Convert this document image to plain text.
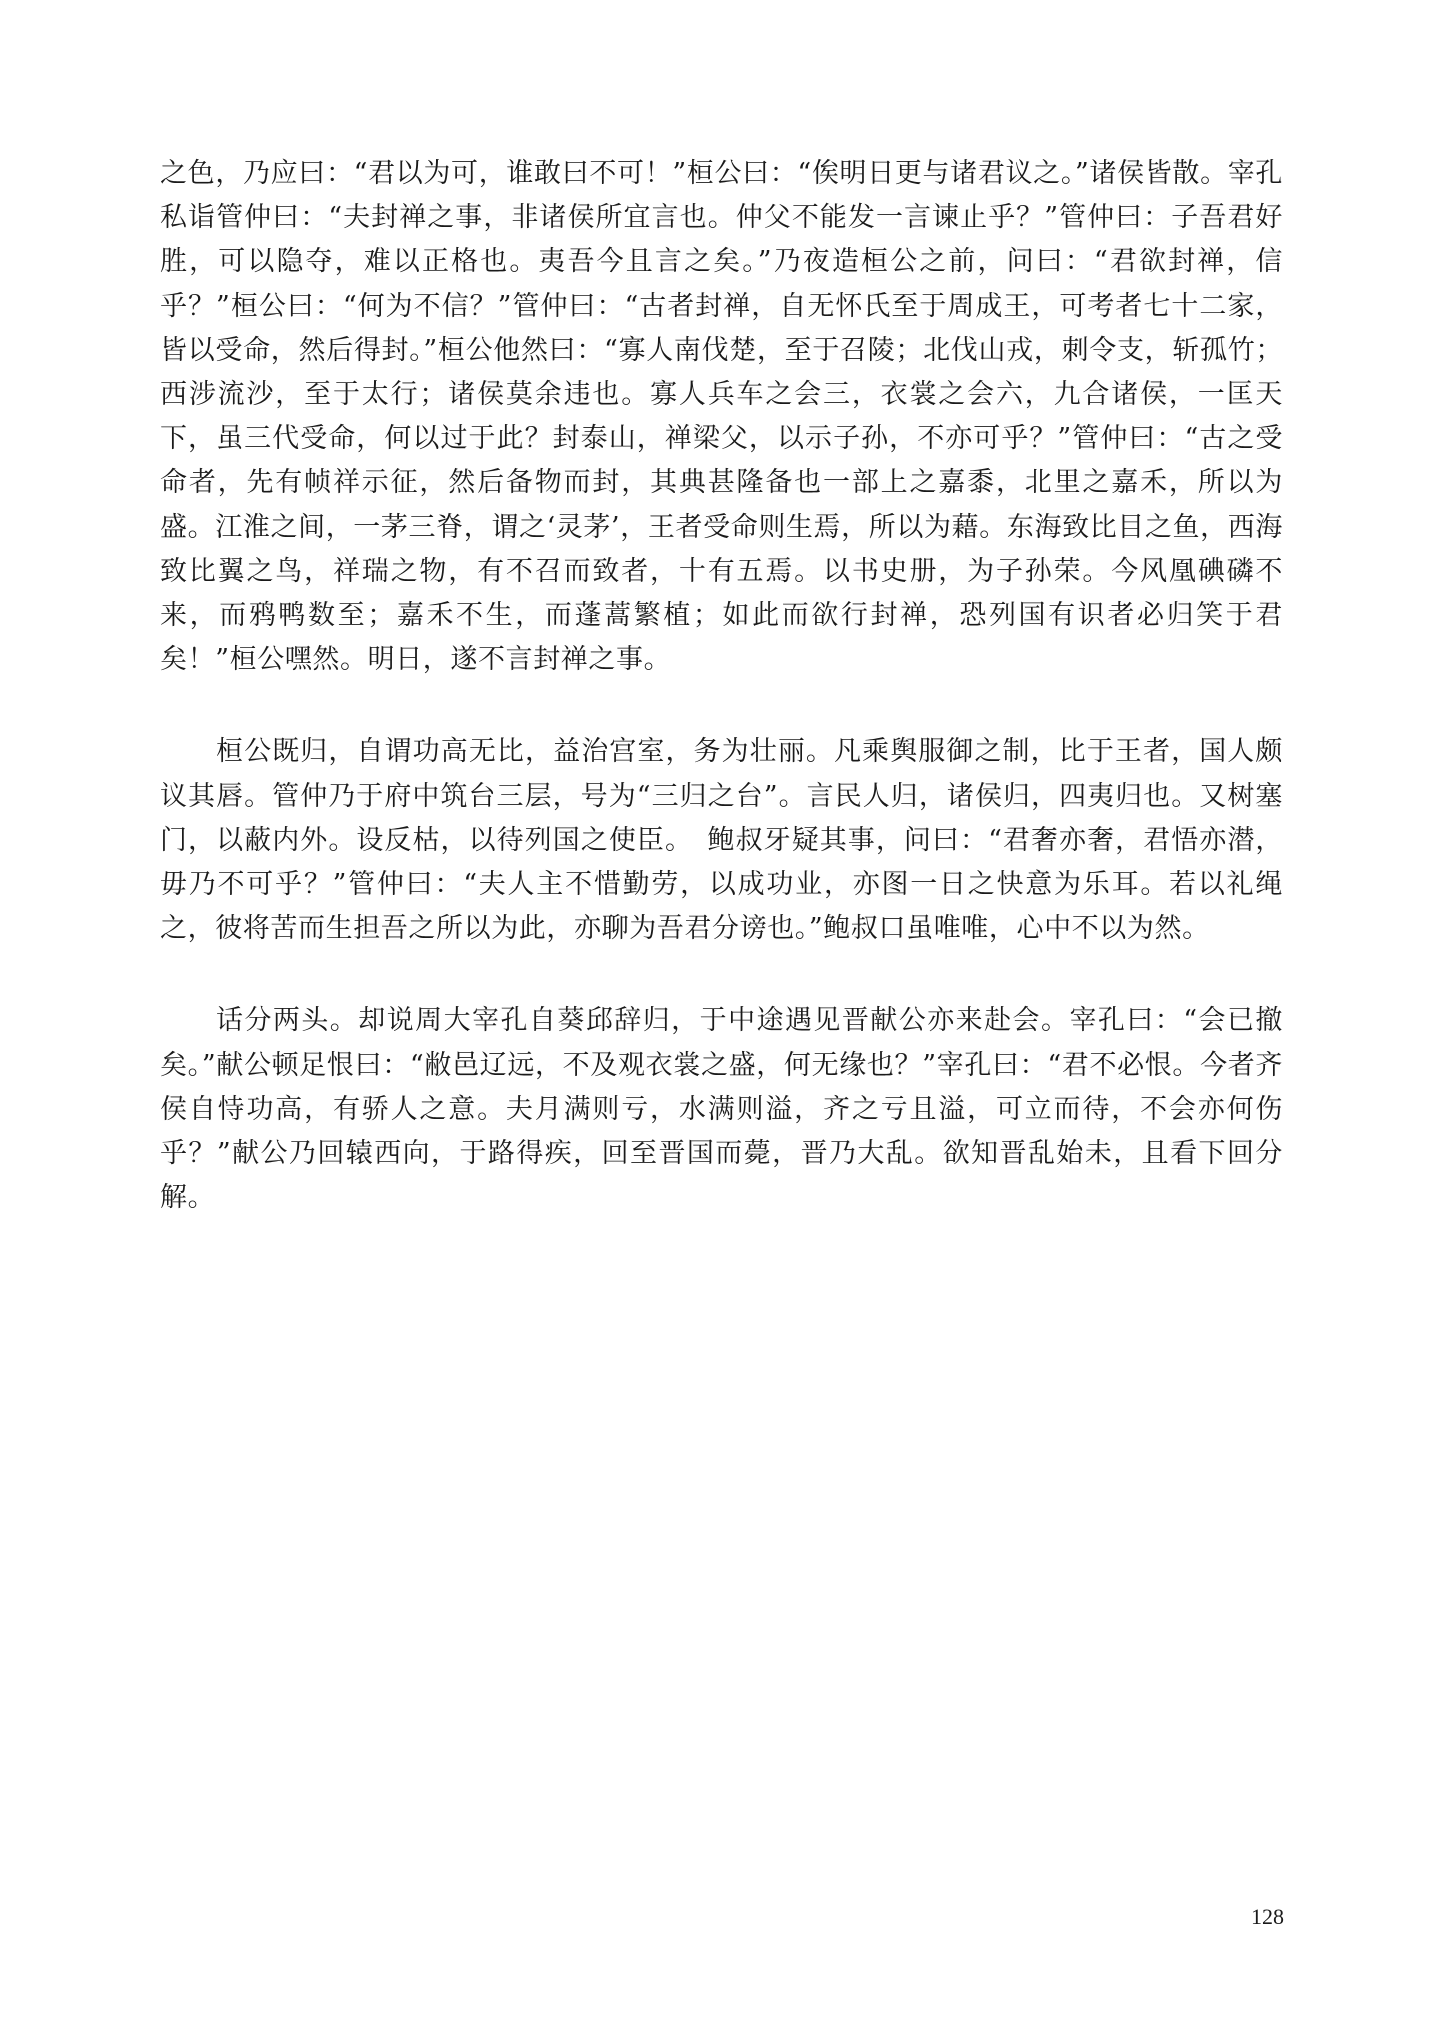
之色，乃应曰：“君以为可，谁敢曰不可！”桓公曰：“俟明日更与诸君议之。”诸侯皆散。宰孔私诣管仲曰：“夫封禅之事，非诸侯所宜言也。仲父不能发一言谏止乎？”管仲曰：子吾君好胜，可以隐夺，难以正格也。夷吾今且言之矣。”乃夜造桓公之前，问曰：“君欲封禅，信乎？”桓公曰：“何为不信？”管仲曰：“古者封禅，自无怀氏至于周成王，可考者七十二家，皆以受命，然后得封。”桓公他然曰：“寡人南伐楚，至于召陵；北伐山戎，刺令支，斩孤竹；西涉流沙，至于太行；诸侯莫余违也。寡人兵车之会三，衣裳之会六，九合诸侯，一匡天下，虽三代受命，何以过于此？封泰山，禅梁父，以示子孙，不亦可乎？”管仲曰：“古之受命者，先有帧祥示征，然后备物而封，其典甚隆备也一部上之嘉黍，北里之嘉禾，所以为盛。江淮之间，一茅三脊，谓之‘灵茅’，王者受命则生焉，所以为藉。东海致比目之鱼，西海致比翼之鸟，祥瑞之物，有不召而致者，十有五焉。以书史册，为子孙荣。今风凰碘磷不来，而鸦鸭数至；嘉禾不生，而蓬蒿繁植；如此而欲行封禅，恐列国有识者必归笑于君矣！”桓公嘿然。明日，遂不言封禅之事。

桓公既归，自谓功高无比，益治宫室，务为壮丽。凡乘舆服御之制，比于王者，国人颇议其唇。管仲乃于府中筑台三层，号为“三归之台”。言民人归，诸侯归，四夷归也。又树塞门，以蔽内外。设反枯，以待列国之使臣。　鲍叔牙疑其事，问曰：“君奢亦奢，君悟亦潜，毋乃不可乎？”管仲曰：“夫人主不惜勤劳，以成功业，亦图一日之快意为乐耳。若以礼绳之，彼将苦而生担吾之所以为此，亦聊为吾君分谤也。”鲍叔口虽唯唯，心中不以为然。

话分两头。却说周大宰孔自葵邱辞归，于中途遇见晋献公亦来赴会。宰孔曰：“会已撤矣。”献公顿足恨曰：“敝邑辽远，不及观衣裳之盛，何无缘也？”宰孔曰：“君不必恨。今者齐侯自恃功高，有骄人之意。夫月满则亏，水满则溢，齐之亏且溢，可立而待，不会亦何伤乎？”献公乃回辕西向，于路得疾，回至晋国而薨，晋乃大乱。欲知晋乱始未，且看下回分解。

128
